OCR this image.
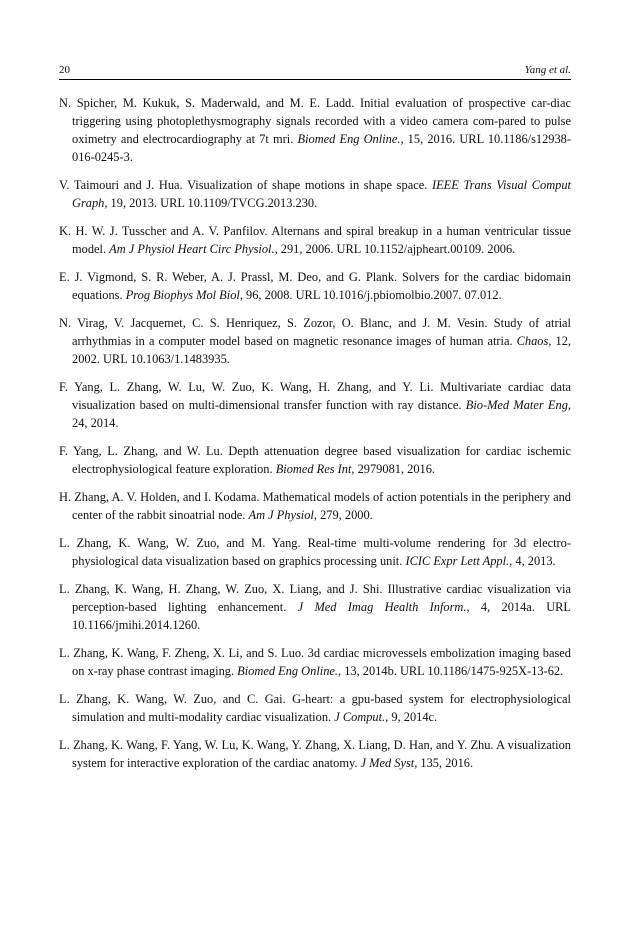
20	Yang et al.

N. Spicher, M. Kukuk, S. Maderwald, and M. E. Ladd. Initial evaluation of prospective car-diac triggering using photoplethysmography signals recorded with a video camera com-pared to pulse oximetry and electrocardiography at 7t mri. Biomed Eng Online., 15, 2016. URL 10.1186/s12938-016-0245-3.

V. Taimouri and J. Hua. Visualization of shape motions in shape space. IEEE Trans Visual Comput Graph, 19, 2013. URL 10.1109/TVCG.2013.230.

K. H. W. J. Tusscher and A. V. Panfilov. Alternans and spiral breakup in a human ventricular tissue model. Am J Physiol Heart Circ Physiol., 291, 2006. URL 10.1152/ajpheart.00109. 2006.

E. J. Vigmond, S. R. Weber, A. J. Prassl, M. Deo, and G. Plank. Solvers for the cardiac bidomain equations. Prog Biophys Mol Biol, 96, 2008. URL 10.1016/j.pbiomolbio.2007. 07.012.

N. Virag, V. Jacquemet, C. S. Henriquez, S. Zozor, O. Blanc, and J. M. Vesin. Study of atrial arrhythmias in a computer model based on magnetic resonance images of human atria. Chaos, 12, 2002. URL 10.1063/1.1483935.

F. Yang, L. Zhang, W. Lu, W. Zuo, K. Wang, H. Zhang, and Y. Li. Multivariate cardiac data visualization based on multi-dimensional transfer function with ray distance. Bio-Med Mater Eng, 24, 2014.

F. Yang, L. Zhang, and W. Lu. Depth attenuation degree based visualization for cardiac ischemic electrophysiological feature exploration. Biomed Res Int, 2979081, 2016.

H. Zhang, A. V. Holden, and I. Kodama. Mathematical models of action potentials in the periphery and center of the rabbit sinoatrial node. Am J Physiol, 279, 2000.

L. Zhang, K. Wang, W. Zuo, and M. Yang. Real-time multi-volume rendering for 3d electro-physiological data visualization based on graphics processing unit. ICIC Expr Lett Appl., 4, 2013.

L. Zhang, K. Wang, H. Zhang, W. Zuo, X. Liang, and J. Shi. Illustrative cardiac visualization via perception-based lighting enhancement. J Med Imag Health Inform., 4, 2014a. URL 10.1166/jmihi.2014.1260.

L. Zhang, K. Wang, F. Zheng, X. Li, and S. Luo. 3d cardiac microvessels embolization imaging based on x-ray phase contrast imaging. Biomed Eng Online., 13, 2014b. URL 10.1186/1475-925X-13-62.

L. Zhang, K. Wang, W. Zuo, and C. Gai. G-heart: a gpu-based system for electrophysiological simulation and multi-modality cardiac visualization. J Comput., 9, 2014c.

L. Zhang, K. Wang, F. Yang, W. Lu, K. Wang, Y. Zhang, X. Liang, D. Han, and Y. Zhu. A visualization system for interactive exploration of the cardiac anatomy. J Med Syst, 135, 2016.
